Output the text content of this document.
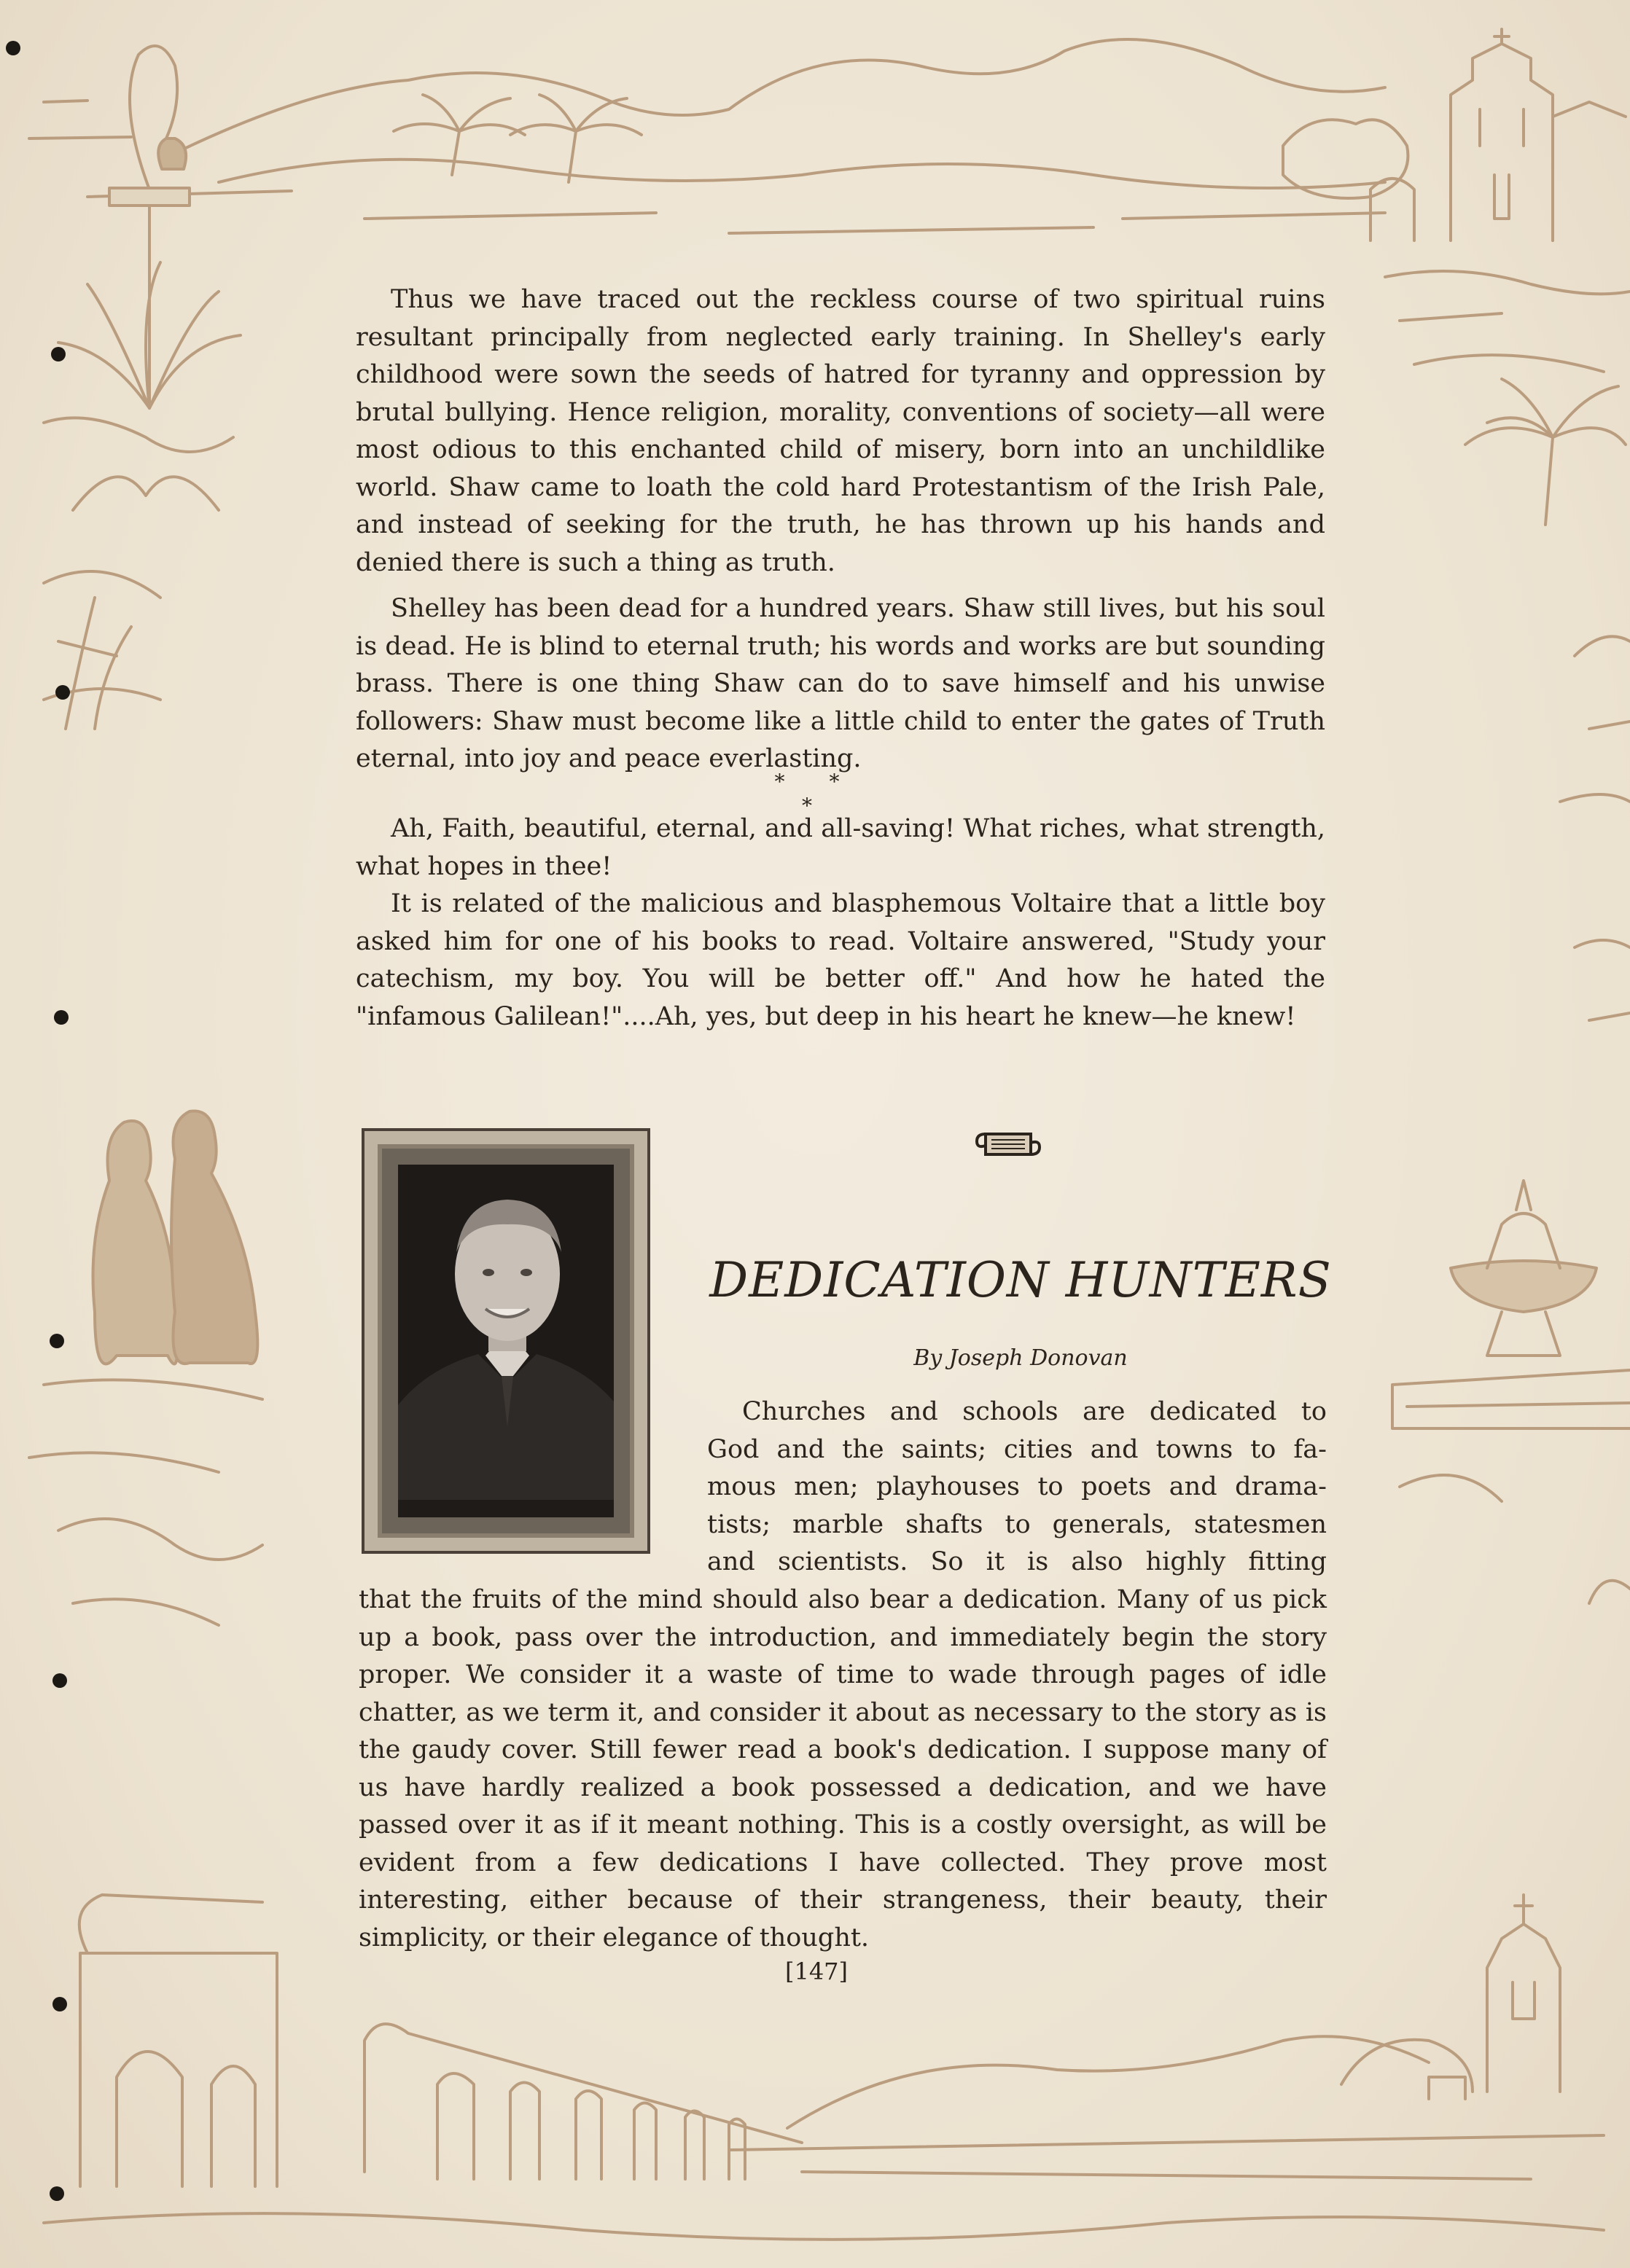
Thus we have traced out the reckless course of two spiritual ruins resultant principally from neglected early training. In Shelley's early childhood were sown the seeds of hatred for tyranny and oppression by brutal bullying. Hence religion, morality, conventions of society—all were most odious to this enchanted child of misery, born into an unchildlike world. Shaw came to loath the cold hard Protestantism of the Irish Pale, and instead of seeking for the truth, he has thrown up his hands and denied there is such a thing as truth.

Shelley has been dead for a hundred years. Shaw still lives, but his soul is dead. He is blind to eternal truth; his words and works are but sounding brass. There is one thing Shaw can do to save himself and his unwise followers: Shaw must become like a little child to enter the gates of Truth eternal, into joy and peace everlasting.

* * *

Ah, Faith, beautiful, eternal, and all-saving! What riches, what strength, what hopes in thee!

It is related of the malicious and blasphemous Voltaire that a little boy asked him for one of his books to read. Voltaire answered, "Study your catechism, my boy. You will be better off." And how he hated the "infamous Galilean!"....Ah, yes, but deep in his heart he knew—he knew!

DEDICATION HUNTERS
By Joseph Donovan
Churches and schools are dedicated to
God and the saints; cities and towns to fa-
mous men; playhouses to poets and drama-
tists; marble shafts to generals, statesmen
and scientists. So it is also highly fitting

that the fruits of the mind should also bear a dedication. Many of us pick up a book, pass over the introduction, and immediately begin the story proper. We consider it a waste of time to wade through pages of idle chatter, as we term it, and consider it about as necessary to the story as is the gaudy cover. Still fewer read a book's dedication. I suppose many of us have hardly realized a book possessed a dedication, and we have passed over it as if it meant nothing. This is a costly oversight, as will be evident from a few dedications I have collected. They prove most interesting, either because of their strangeness, their beauty, their simplicity, or their elegance of thought.

[147]
